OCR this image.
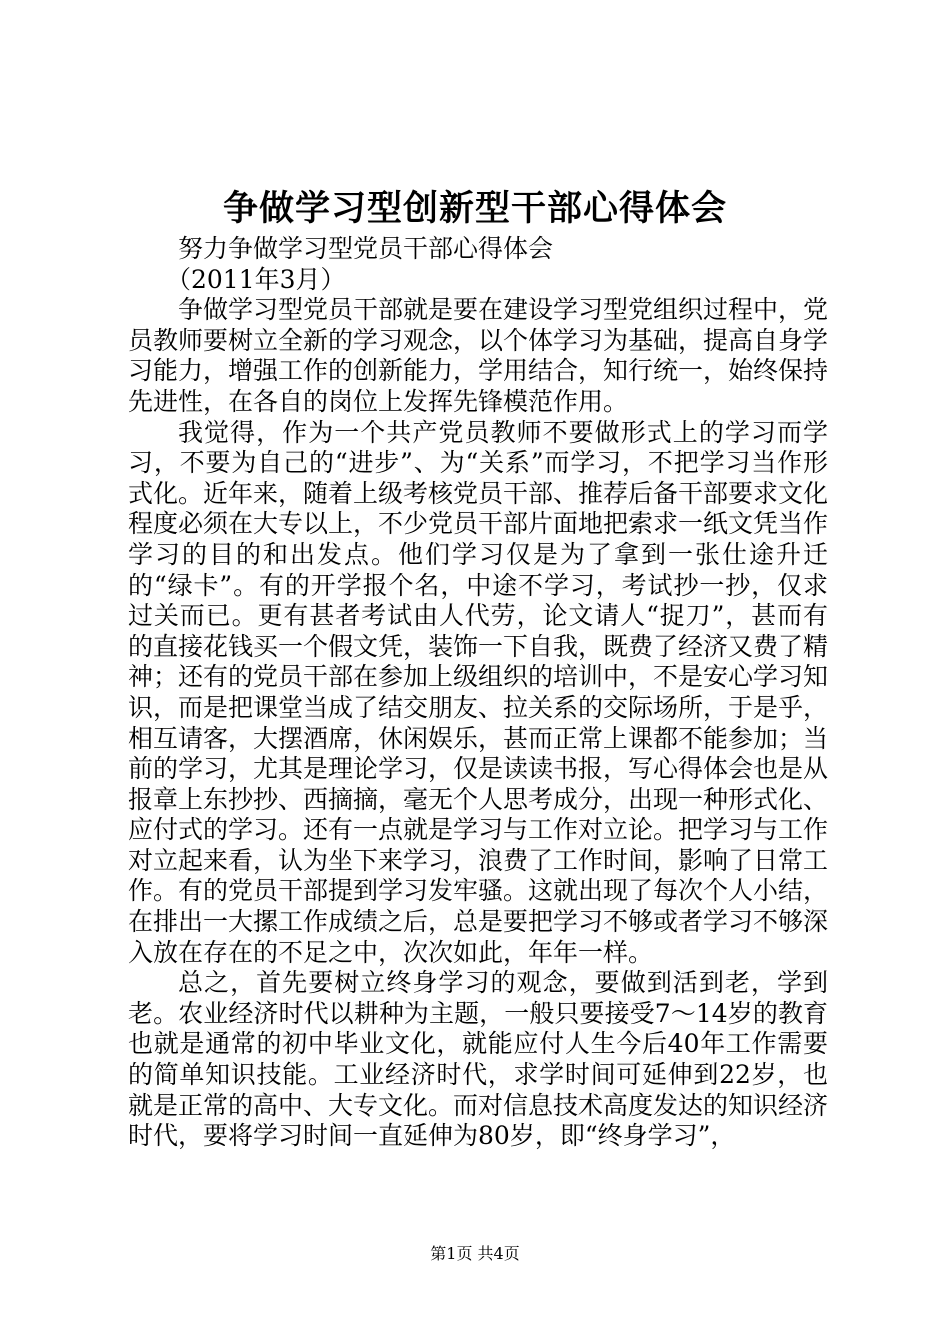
争做学习型创新型干部心得体会

努力争做学习型党员干部心得体会

（2011年3月）

争做学习型党员干部就是要在建设学习型党组织过程中，党员教师要树立全新的学习观念，以个体学习为基础，提高自身学习能力，增强工作的创新能力，学用结合，知行统一，始终保持先进性，在各自的岗位上发挥先锋模范作用。

我觉得，作为一个共产党员教师不要做形式上的学习而学习，不要为自己的“进步”、为“关系”而学习，不把学习当作形式化。近年来，随着上级考核党员干部、推荐后备干部要求文化程度必须在大专以上，不少党员干部片面地把索求一纸文凭当作学习的目的和出发点。他们学习仅是为了拿到一张仕途升迁的“绿卡”。有的开学报个名，中途不学习，考试抄一抄，仅求过关而已。更有甚者考试由人代劳，论文请人“捉刀”，甚而有的直接花钱买一个假文凭，装饰一下自我，既费了经济又费了精神；还有的党员干部在参加上级组织的培训中，不是安心学习知识，而是把课堂当成了结交朋友、拉关系的交际场所，于是乎，相互请客，大摆酒席，休闲娱乐，甚而正常上课都不能参加；当前的学习，尤其是理论学习，仅是读读书报，写心得体会也是从报章上东抄抄、西摘摘，毫无个人思考成分，出现一种形式化、应付式的学习。还有一点就是学习与工作对立论。把学习与工作对立起来看，认为坐下来学习，浪费了工作时间，影响了日常工作。有的党员干部提到学习发牢骚。这就出现了每次个人小结，在排出一大摞工作成绩之后，总是要把学习不够或者学习不够深入放在存在的不足之中，次次如此，年年一样。

总之，首先要树立终身学习的观念，要做到活到老，学到老。农业经济时代以耕种为主题，一般只要接受7～14岁的教育也就是通常的初中毕业文化，就能应付人生今后40年工作需要的简单知识技能。工业经济时代，求学时间可延伸到22岁，也就是正常的高中、大专文化。而对信息技术高度发达的知识经济时代，要将学习时间一直延伸为80岁，即“终身学习”，

第1页 共4页
